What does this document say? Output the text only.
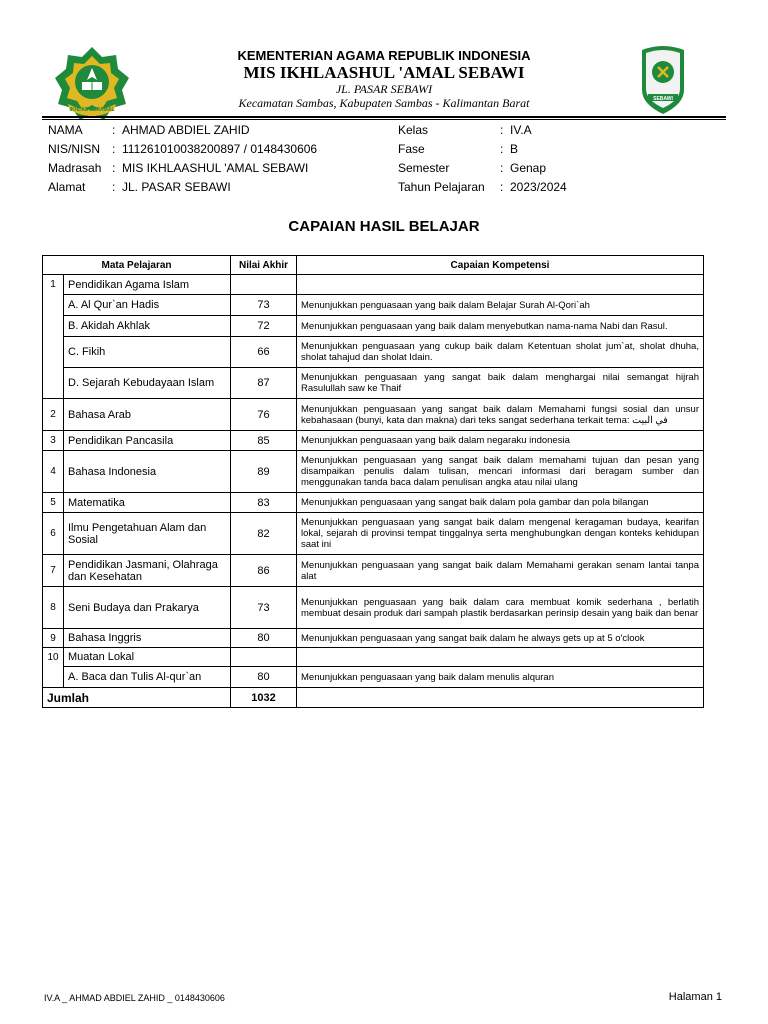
IKHLAS BERAMAL
SEBAWI
KEMENTERIAN AGAMA REPUBLIK INDONESIA
MIS IKHLAASHUL 'AMAL SEBAWI
JL. PASAR SEBAWI
Kecamatan Sambas, Kabupaten Sambas - Kalimantan Barat
NAMA : AHMAD ABDIEL ZAHID
NIS/NISN : 111261010038200897 / 0148430606
Madrasah : MIS IKHLAASHUL 'AMAL SEBAWI
Alamat : JL. PASAR SEBAWI
Kelas	: IV.A
Fase	: B
Semester	: Genap
Tahun Pelajaran : 2023/2024
CAPAIAN HASIL BELAJAR
Mata Pelajaran		Nilai Akhir	Capaian Kompetensi
1	Pendidikan Agama Islam		
	A. Al Qur`an Hadis	73	Menunjukkan penguasaan yang baik dalam Belajar Surah Al-Qori`ah
	B. Akidah Akhlak	72	Menunjukkan penguasaan yang baik dalam menyebutkan nama-nama Nabi dan Rasul.
	C. Fikih	66	Menunjukkan penguasaan yang cukup baik dalam Ketentuan sholat jum`at, sholat dhuha, sholat tahajud dan sholat Idain.
	D. Sejarah Kebudayaan Islam	87	Menunjukkan penguasaan yang sangat baik dalam menghargai nilai semangat hijrah Rasulullah saw ke Thaif
2	Bahasa Arab	76	Menunjukkan penguasaan yang sangat baik dalam Memahami fungsi sosial dan unsur kebahasaan (bunyi, kata dan makna) dari teks sangat sederhana terkait tema: في البيت
3	Pendidikan Pancasila	85	Menunjukkan penguasaan yang baik dalam negaraku indonesia
4	Bahasa Indonesia	89	Menunjukkan penguasaan yang sangat baik dalam memahami tujuan dan pesan yang disampaikan penulis dalam tulisan, mencari informasi dari beragam sumber dan menggunakan tanda baca dalam penulisan angka atau nilai ulang
5	Matematika	83	Menunjukkan penguasaan yang sangat baik dalam pola gambar dan pola bilangan
6	Ilmu Pengetahuan Alam dan Sosial	82	Menunjukkan penguasaan yang sangat baik dalam mengenal keragaman budaya, kearifan lokal, sejarah di provinsi tempat tinggalnya serta menghubungkan dengan konteks kehidupan saat ini
7	Pendidikan Jasmani, Olahraga dan Kesehatan	86	Menunjukkan penguasaan yang sangat baik dalam Memahami gerakan senam lantai tanpa alat
8	Seni Budaya dan Prakarya	73	Menunjukkan penguasaan yang baik dalam cara membuat komik sederhana , berlatih membuat desain produk dari sampah plastik berdasarkan perinsip desain yang baik dan benar
9	Bahasa Inggris	80	Menunjukkan penguasaan yang sangat baik dalam he always gets up at 5 o'clook
10	Muatan Lokal		
	A. Baca dan Tulis Al-qur`an	80	Menunjukkan penguasaan yang baik dalam menulis alquran
Jumlah		1032	
IV.A _ AHMAD ABDIEL ZAHID _ 0148430606	Halaman 1
